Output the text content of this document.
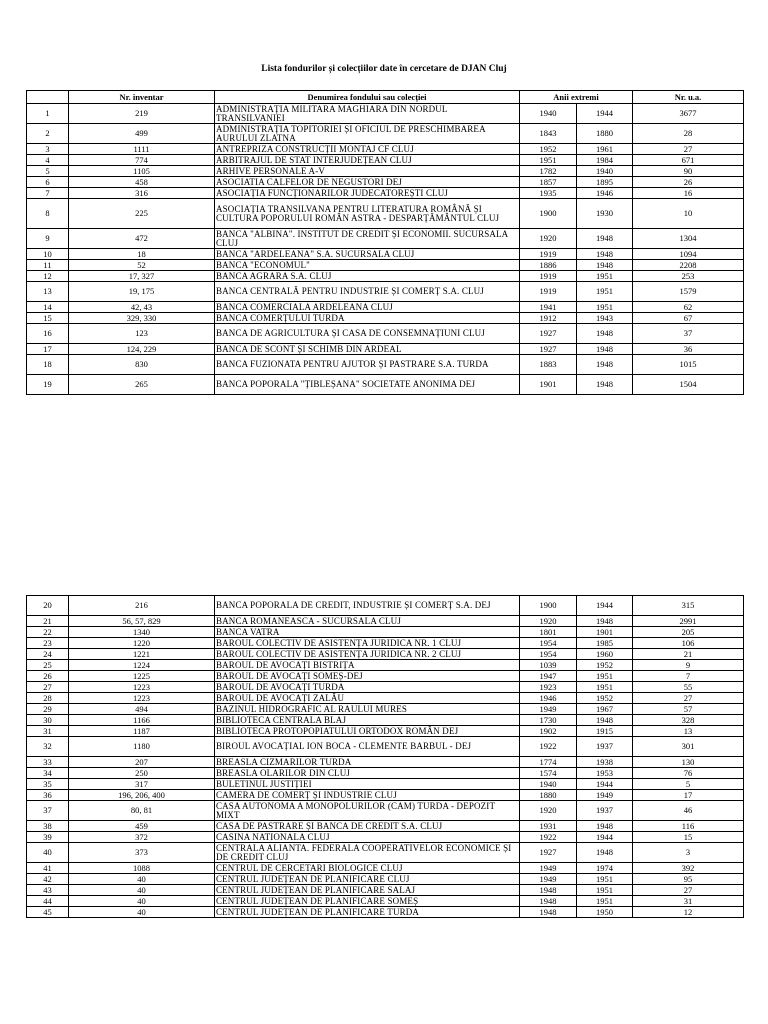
Lista fondurilor și colecțiilor date în cercetare de DJAN Cluj
	Nr. inventar	Denumirea fondului sau colecției	Anii extremi		Nr. u.a.
1	219	ADMINISTRAȚIA MILITARA MAGHIARA DIN NORDUL TRANSILVANIEI	1940	1944	3677
2	499	ADMINISTRAȚIA TOPITORIEI ȘI OFICIUL DE PRESCHIMBAREA AURULUI ZLATNA	1843	1880	28
3	1111	ANTREPRIZA CONSTRUCȚII MONTAJ CF CLUJ	1952	1961	27
4	774	ARBITRAJUL DE STAT INTERJUDEȚEAN CLUJ	1951	1984	671
5	1105	ARHIVE PERSONALE A-V	1782	1940	90
6	458	ASOCIATIA CALFELOR DE NEGUSTORI DEJ	1857	1895	26
7	316	ASOCIAȚIA FUNCȚIONARILOR JUDECATOREȘTI CLUJ	1935	1946	16
8	225	ASOCIAȚIA TRANSILVANA PENTRU LITERATURA ROMÂNĂ ȘI CULTURA POPORULUI ROMÂN ASTRA - DESPARȚĂMÂNTUL CLUJ	1900	1930	10
9	472	BANCA "ALBINA". INSTITUT DE CREDIT ȘI ECONOMII. SUCURSALA CLUJ	1920	1948	1304
10	18	BANCA "ARDELEANA" S.A. SUCURSALA CLUJ	1919	1948	1094
11	52	BANCA "ECONOMUL"	1886	1948	2208
12	17, 327	BANCA AGRARA S.A. CLUJ	1919	1951	253
13	19, 175	BANCA CENTRALĂ PENTRU INDUSTRIE ȘI COMERȚ S.A. CLUJ	1919	1951	1579
14	42, 43	BANCA COMERCIALA ARDELEANA CLUJ	1941	1951	62
15	329, 330	BANCA COMERȚULUI TURDA	1912	1943	67
16	123	BANCA DE AGRICULTURA ȘI CASA DE CONSEMNAȚIUNI CLUJ	1927	1948	37
17	124, 229	BANCA DE SCONT ȘI SCHIMB DIN ARDEAL	1927	1948	36
18	830	BANCA FUZIONATA PENTRU AJUTOR ȘI PASTRARE S.A. TURDA	1883	1948	1015
19	265	BANCA POPORALA "ȚIBLEȘANA" SOCIETATE ANONIMA DEJ	1901	1948	1504
20	216	BANCA POPORALA DE CREDIT, INDUSTRIE ȘI COMERȚ S.A. DEJ	1900	1944	315
21	56, 57, 829	BANCA ROMANEASCA - SUCURSALA CLUJ	1920	1948	2991
22	1340	BANCA VATRA	1801	1901	205
23	1220	BAROUL COLECTIV DE ASISTENȚA JURIDICA NR. 1 CLUJ	1954	1985	106
24	1221	BAROUL COLECTIV DE ASISTENȚA JURIDICA NR. 2 CLUJ	1954	1960	21
25	1224	BAROUL DE AVOCAȚI BISTRIȚA	1039	1952	9
26	1225	BAROUL DE AVOCAȚI SOMEȘ-DEJ	1947	1951	7
27	1223	BAROUL DE AVOCAȚI TURDA	1923	1951	55
28	1223	BAROUL DE AVOCAȚI ZALĂU	1946	1952	27
29	494	BAZINUL HIDROGRAFIC AL RAULUI MURES	1949	1967	57
30	1166	BIBLIOTECA CENTRALA BLAJ	1730	1948	328
31	1187	BIBLIOTECA PROTOPOPIATULUI ORTODOX ROMÂN DEJ	1902	1915	13
32	1180	BIROUL AVOCAȚIAL ION BOCA - CLEMENTE BARBUL - DEJ	1922	1937	301
33	207	BREASLA CIZMARILOR TURDA	1774	1938	130
34	250	BREASLA OLARILOR DIN CLUJ	1574	1953	76
35	317	BULETINUL JUSTIȚIEI	1940	1944	5
36	196, 206, 400	CAMERA DE COMERȚ ȘI INDUSTRIE CLUJ	1880	1949	17
37	80, 81	CASA AUTONOMA A MONOPOLURILOR (CAM) TURDA - DEPOZIT MIXT	1920	1937	46
38	459	CASA DE PASTRARE ȘI BANCA DE CREDIT S.A. CLUJ	1931	1948	116
39	372	CASINA NATIONALA CLUJ	1922	1944	15
40	373	CENTRALA ALIANTA. FEDERALA COOPERATIVELOR ECONOMICE ȘI DE CREDIT CLUJ	1927	1948	3
41	1088	CENTRUL DE CERCETARI BIOLOGICE CLUJ	1949	1974	392
42	40	CENTRUL JUDEȚEAN DE PLANIFICARE CLUJ	1949	1951	95
43	40	CENTRUL JUDEȚEAN DE PLANIFICARE SALAJ	1948	1951	27
44	40	CENTRUL JUDEȚEAN DE PLANIFICARE SOMEȘ	1948	1951	31
45	40	CENTRUL JUDEȚEAN DE PLANIFICARE TURDA	1948	1950	12
